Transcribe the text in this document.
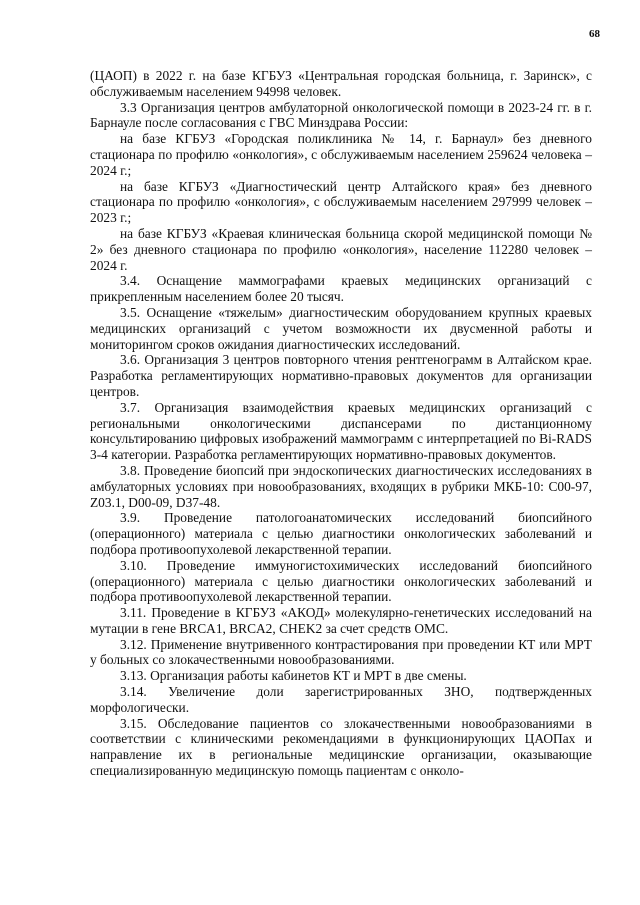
68

(ЦАОП) в 2022 г. на базе КГБУЗ «Центральная городская больница, г. Заринск», с обслуживаемым населением 94998 человек.

3.3 Организация центров амбулаторной онкологической помощи в 2023-24 гг. в г. Барнауле после согласования с ГВС Минздрава России:

на базе КГБУЗ «Городская поликлиника № 14, г. Барнаул» без дневного стационара по профилю «онкология», с обслуживаемым населением 259624 человека – 2024 г.;

на базе КГБУЗ «Диагностический центр Алтайского края» без дневного стационара по профилю «онкология», с обслуживаемым населением 297999 человек – 2023 г.;

на базе КГБУЗ «Краевая клиническая больница скорой медицинской помощи № 2» без дневного стационара по профилю «онкология», население 112280 человек – 2024 г.

3.4. Оснащение маммографами краевых медицинских организаций с прикрепленным населением более 20 тысяч.

3.5. Оснащение «тяжелым» диагностическим оборудованием крупных краевых медицинских организаций с учетом возможности их двусменной работы и мониторингом сроков ожидания диагностических исследований.

3.6. Организация 3 центров повторного чтения рентгенограмм в Алтайском крае. Разработка регламентирующих нормативно-правовых документов для организации центров.

3.7. Организация взаимодействия краевых медицинских организаций с региональными онкологическими диспансерами по дистанционному консультированию цифровых изображений маммограмм с интерпретацией по Bi-RADS 3-4 категории. Разработка регламентирующих нормативно-правовых документов.

3.8. Проведение биопсий при эндоскопических диагностических исследованиях в амбулаторных условиях при новообразованиях, входящих в рубрики МКБ-10: С00-97, Z03.1, D00-09, D37-48.

3.9. Проведение патологоанатомических исследований биопсийного (операционного) материала с целью диагностики онкологических заболеваний и подбора противоопухолевой лекарственной терапии.

3.10. Проведение иммуногистохимических исследований биопсийного (операционного) материала с целью диагностики онкологических заболеваний и подбора противоопухолевой лекарственной терапии.

3.11. Проведение в КГБУЗ «АКОД» молекулярно-генетических исследований на мутации в гене BRCA1, BRCA2, CHEK2 за счет средств ОМС.

3.12. Применение внутривенного контрастирования при проведении КТ или МРТ у больных со злокачественными новообразованиями.

3.13. Организация работы кабинетов КТ и МРТ в две смены.

3.14. Увеличение доли зарегистрированных ЗНО, подтвержденных морфологически.

3.15. Обследование пациентов со злокачественными новообразованиями в соответствии с клиническими рекомендациями в функционирующих ЦАОПах и направление их в региональные медицинские организации, оказывающие специализированную медицинскую помощь пациентам с онколо-
